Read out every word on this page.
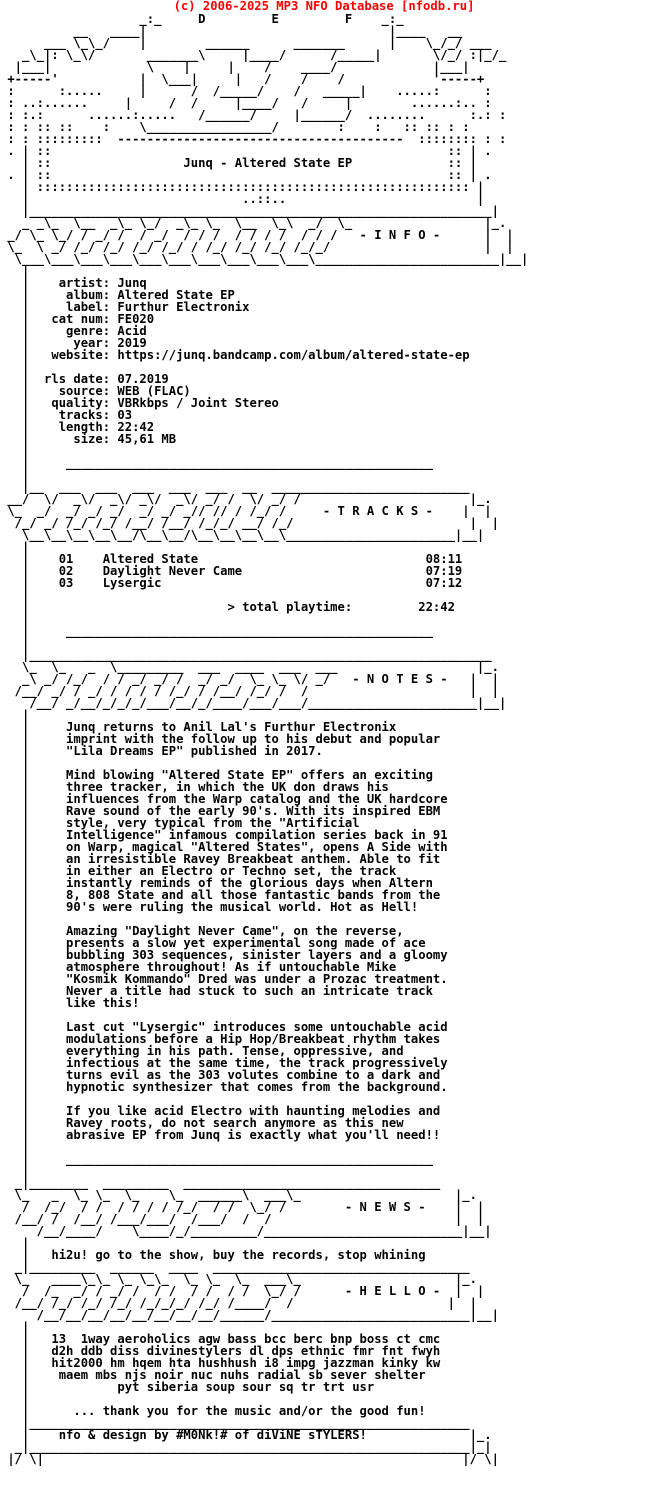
(c) 2006-2025 MP3 NFO Database [nfodb.ru]
_:_     D         E         F    _:_
__   ____|                                 |____   __
___ \_\_/    |        ______      _______      |    \_/_/ ___
_\_|: \_\/       _______\     |____/      /_____|       \/_/ :|_/_
|___|             \    |     |    /    ____/             |___|
+-----'           |  \___|     |   /    /    /            '-----+
:      :.....     |      /  /_____/    /   _____|    .....:      :
: ..:......     |     /  /     |____/   /     |        ......:.. :
: :.:      ......:.....   /______/     |______/  ........      :.: :
: : :: ::    :    \_________________/        :    :   :: :: : :
: : :::::::::  ---------------------------------------  :::::::: : :
. | ::                                                      :: | .
| ::                  Junq - Altered State EP             :: |
. | ::                                                      :: | .
| ::::::::::::::::::::::::::::::::::::::::::::::::::::::::::: |
|                             ..::..                          |
|_______________________________________________________________|
_ _\_  \__  _\_ \_/  _\_ \_  \__  \_\  _/  \_                  |_.
_/ \_ \_/ / _/ /  / _/  / / /  / / / /  / / /   - I N F O -      |  |
\_  \ _/ /_/ /_/ /_/ /_/ / /_/ /_/ /_/ /_/_/                     |  |
\___\___\___\___\___\___\___\___\___\___\_________________________|__|
|
|    artist: Junq
|     album: Altered State EP
|     label: Furthur Electronix
|   cat num: FE020
|     genre: Acid
|      year: 2019
|   website: https://junq.bandcamp.com/album/altered-state-ep
|
|  rls date: 07.2019
|    source: WEB (FLAC)
|   quality: VBRkbps / Joint Stereo
|    tracks: 03
|    length: 22:42
|      size: 45,61 MB
|
|     __________________________________________________
|
|__  ___  ___  ___  ___  ___  __  ___________________________
__/  \/  _\/  _\/ _\/  _\/ _/ /  \/ _/ /                       |_.
\_  _/  _/ _/ _/  _/ _/ _// // / /_/ /     - T R A C K S -    |  |
/_/ _/ /_/ /_/ /__/ /__/ /_/_/ __/ /_/                        |  |
\__\__\__\__\__/\__\__/\__\__\__\__\_______________________|__|
|
|    01    Altered State                               08:11
|    02    Daylight Never Came                         07:19
|    03    Lysergic                                    07:12
|
|                           > total playtime:         22:42
|
|     __________________________________________________
|
|_______________________________________________________________
\_  \_   _  \_________  ___  ____  ___  ___                   |_.
_\ _/ /_/  / / _/ _/ /  _/ _/  \_ \_ \/ _/   - N O T E S -   |  |
/__/ _/ / _/ / / / / /_/ / /__/ /_/ /  /                      |  |
/__/ _/__/_/_/_/___/__/_/____/___/___/_______________________|__|
|
|     Junq returns to Anil Lal's Furthur Electronix
|     imprint with the follow up to his debut and popular
|     "Lila Dreams EP" published in 2017.
|
|     Mind blowing "Altered State EP" offers an exciting
|     three tracker, in which the UK don draws his
|     influences from the Warp catalog and the UK hardcore
|     Rave sound of the early 90's. With its inspired EBM
|     style, very typical from the "Artificial
|     Intelligence" infamous compilation series back in 91
|     on Warp, magical "Altered States", opens A Side with
|     an irresistible Ravey Breakbeat anthem. Able to fit
|     in either an Electro or Techno set, the track
|     instantly reminds of the glorious days when Altern
|     8, 808 State and all those fantastic bands from the
|     90's were ruling the musical world. Hot as Hell!
|
|     Amazing "Daylight Never Came", on the reverse,
|     presents a slow yet experimental song made of ace
|     bubbling 303 sequences, sinister layers and a gloomy
|     atmosphere throughout! As if untouchable Mike
|     "Kosmik Kommando" Dred was under a Prozac treatment.
|     Never a title had stuck to such an intricate track
|     like this!
|
|     Last cut "Lysergic" introduces some untouchable acid
|     modulations before a Hip Hop/Breakbeat rhythm takes
|     everything in his path. Tense, oppressive, and
|     infectious at the same time, the track progressively
|     turns evil as the 303 volutes combine to a dark and
|     hypnotic synthesizer that comes from the background.
|
|     If you like acid Electro with haunting melodies and
|     Ravey roots, do not search anymore as this new
|     abrasive EP from Junq is exactly what you'll need!!
|
|     __________________________________________________
|
_|________  _________  ___________________________________
\_   _  \_ \_  \_    \_  ______\  ___\_                     |_.
/  /_/  / /  / / / / /_/  / /  \_/ /        - N E W S -    |  |
/__/ /  /__/ /___/___/  /___/  /  /                         |  |
/__/____/    \____/_/_________/___________________________|__|
|
|   hi2u! go to the show, buy the records, stop whining
_|_________  ______  ____  ___________________________________
\_   ____\_\_ \_ \_\_  \_ \_  \_  ___\_                     |_.
/  /_  _/ / _/ /  / /  / /  / /  \_/ /      - H E L L O -  |  |
/__/ /_/ /_/ /_/ /_/_/_/ /_/ /____/  /                     |  |
/__/__/__/__/__/__/__/__/______/___________________________|__|
|
|   13  1way aeroholics agw bass bcc berc bnp boss ct cmc
|   d2h ddb diss divinestylers dl dps ethnic fmr fnt fwyh
|   hit2000 hm hqem hta hushhush i8 impg jazzman kinky kw
|    maem mbs njs noir nuc nuhs radial sb sever shelter
|            pyt siberia soup sour sq tr trt usr
|
|      ... thank you for the music and/or the good fun!
|____________________________________________________________
|    nfo & design by #M0Nk!# of diViNE sTYLERS!              |_.
_|____________________________________________________________|_|
|/ \|                                                         |/ \|
